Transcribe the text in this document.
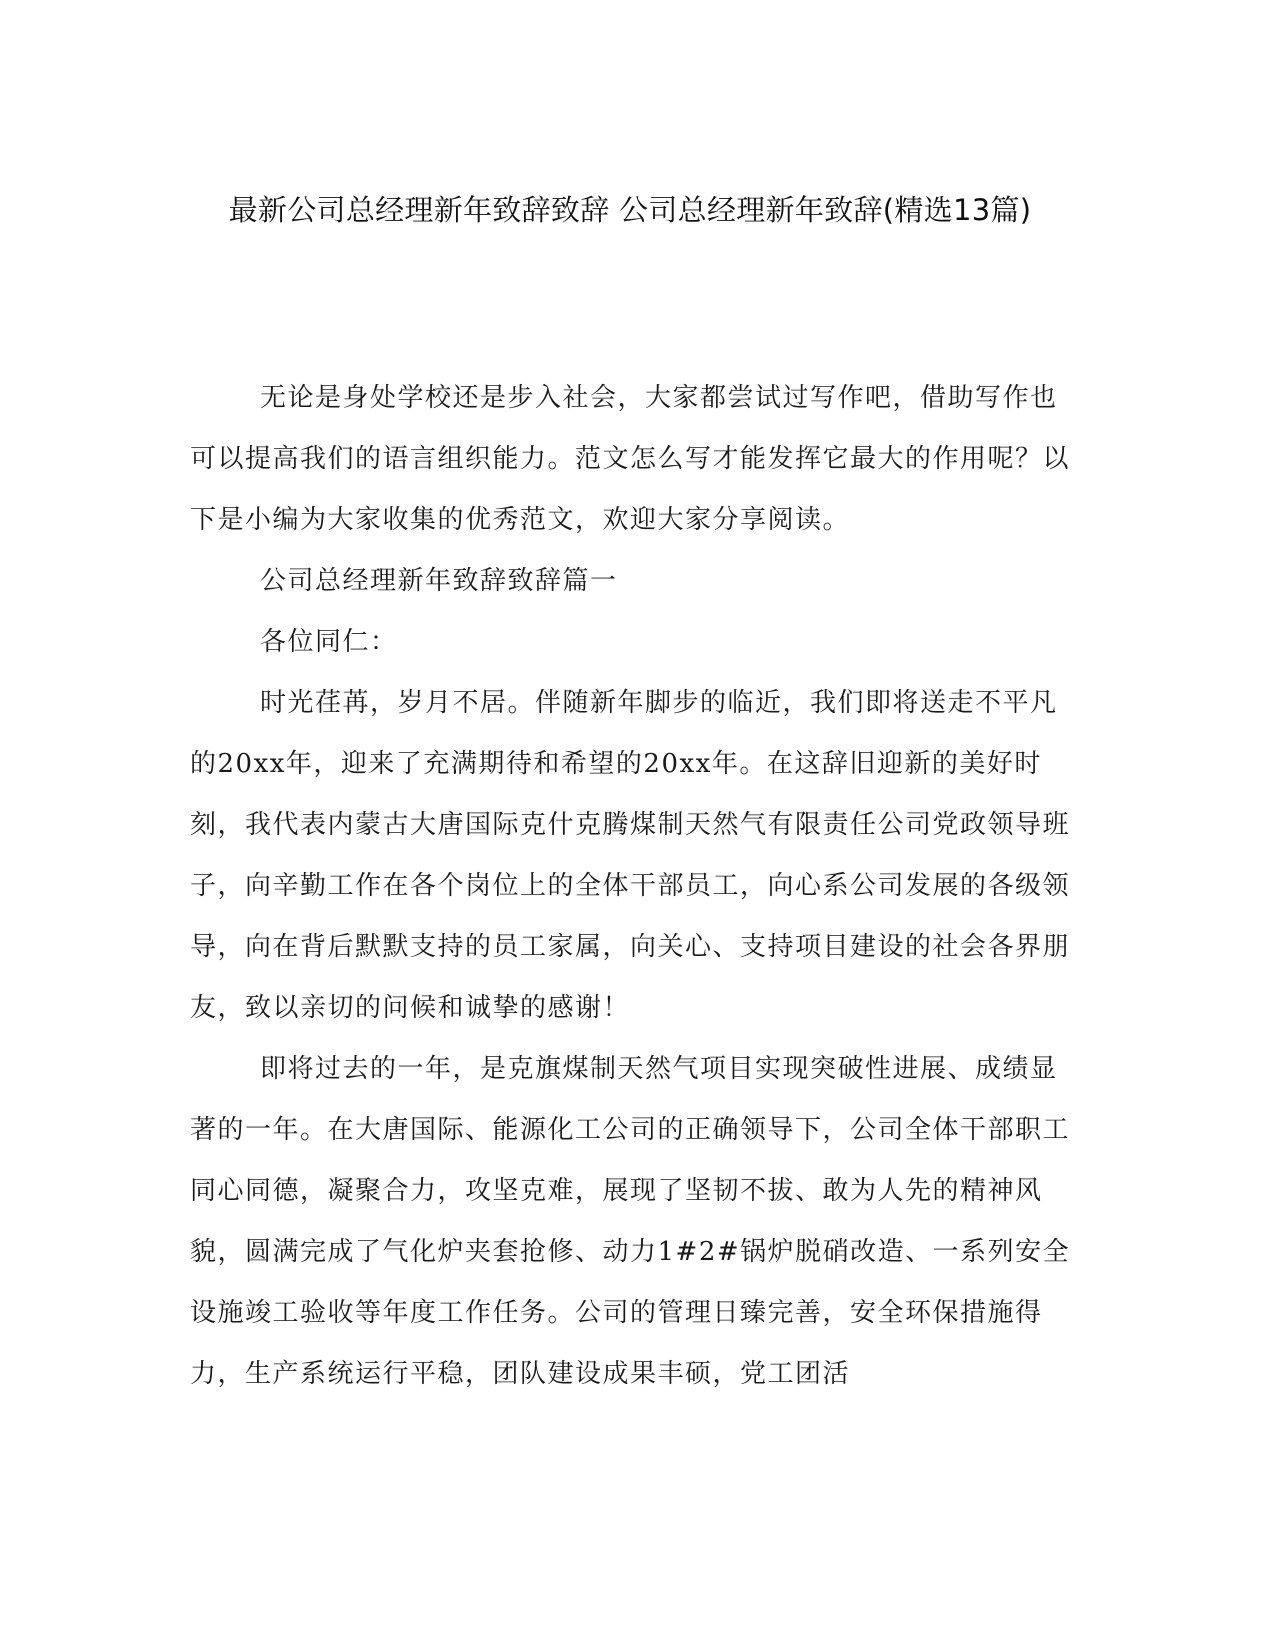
最新公司总经理新年致辞致辞 公司总经理新年致辞(精选13篇)

无论是身处学校还是步入社会，大家都尝试过写作吧，借助写作也可以提高我们的语言组织能力。范文怎么写才能发挥它最大的作用呢？以下是小编为大家收集的优秀范文，欢迎大家分享阅读。

公司总经理新年致辞致辞篇一

各位同仁：

时光荏苒，岁月不居。伴随新年脚步的临近，我们即将送走不平凡的20xx年，迎来了充满期待和希望的20xx年。在这辞旧迎新的美好时刻，我代表内蒙古大唐国际克什克腾煤制天然气有限责任公司党政领导班子，向辛勤工作在各个岗位上的全体干部员工，向心系公司发展的各级领导，向在背后默默支持的员工家属，向关心、支持项目建设的社会各界朋友，致以亲切的问候和诚挚的感谢！

即将过去的一年，是克旗煤制天然气项目实现突破性进展、成绩显著的一年。在大唐国际、能源化工公司的正确领导下，公司全体干部职工同心同德，凝聚合力，攻坚克难，展现了坚韧不拔、敢为人先的精神风貌，圆满完成了气化炉夹套抢修、动力1#2#锅炉脱硝改造、一系列安全设施竣工验收等年度工作任务。公司的管理日臻完善，安全环保措施得力，生产系统运行平稳，团队建设成果丰硕，党工团活
